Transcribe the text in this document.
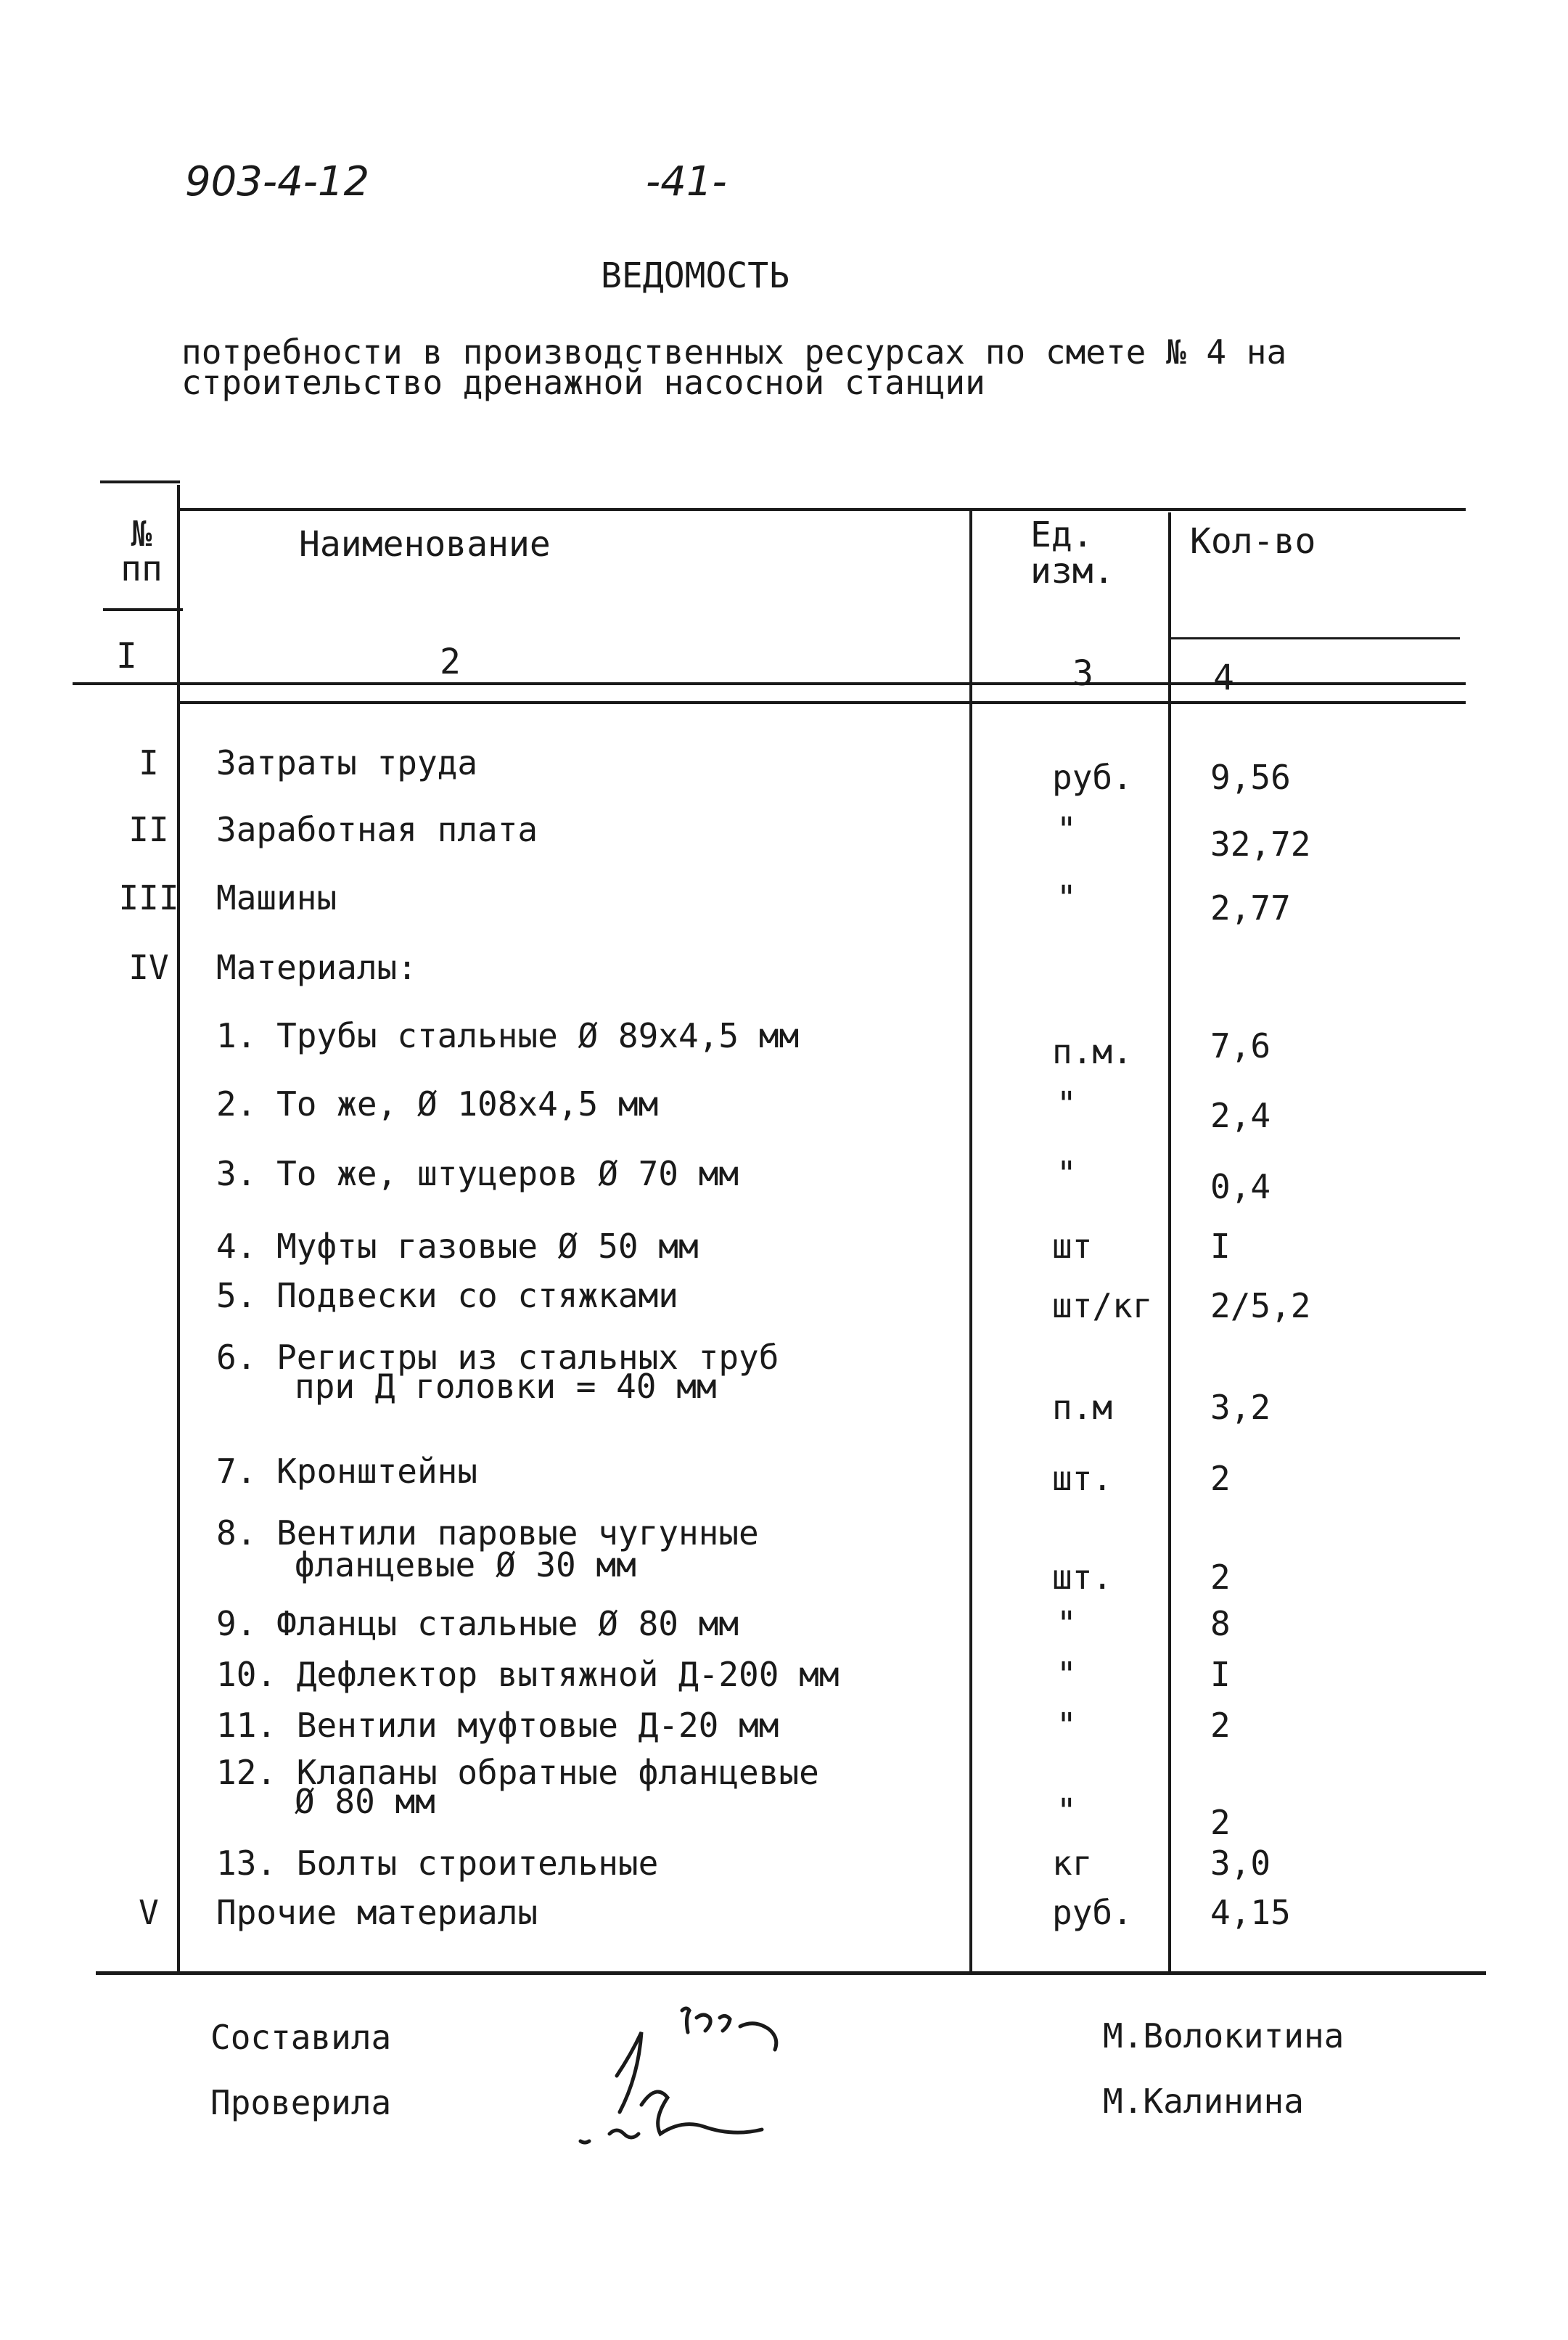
903-4-12	-41-
ВЕДОМОСТЬ
потребности в производственных ресурсах по смете № 4 на
строительство дренажной насосной станции
№
пп
Наименование	Ед.
изм.
Кол-во
I	2	3	4
I	Затраты труда	руб. 9,56
II	Заработная плата	"	32,72
III Машины	"	2,77
IV	Материалы:
1. Трубы стальные Ø 89х4,5 мм	п.м. 7,6
2. То же, Ø 108х4,5 мм	"	2,4
3. То же, штуцеров Ø 70 мм	"	0,4
4. Муфты газовые Ø 50 мм	шт	I
5. Подвески со стяжками	шт/кг 2/5,2
6. Регистры из стальных труб
при Д головки = 40 мм
п.м	3,2
7. Кронштейны	шт.	2
8. Вентили паровые чугунные
фланцевые Ø 30 мм	шт.	2
9. Фланцы стальные Ø 80 мм	"	8
10. Дефлектор вытяжной Д-200 мм	"	I
11. Вентили муфтовые Д-20 мм	"	2
12. Клапаны обратные фланцевые
Ø 80 мм	"	2
13. Болты строительные	кг	3,0
V	Прочие материалы	руб. 4,15
Составила
Проверила
М.Волокитина
М.Калинина
